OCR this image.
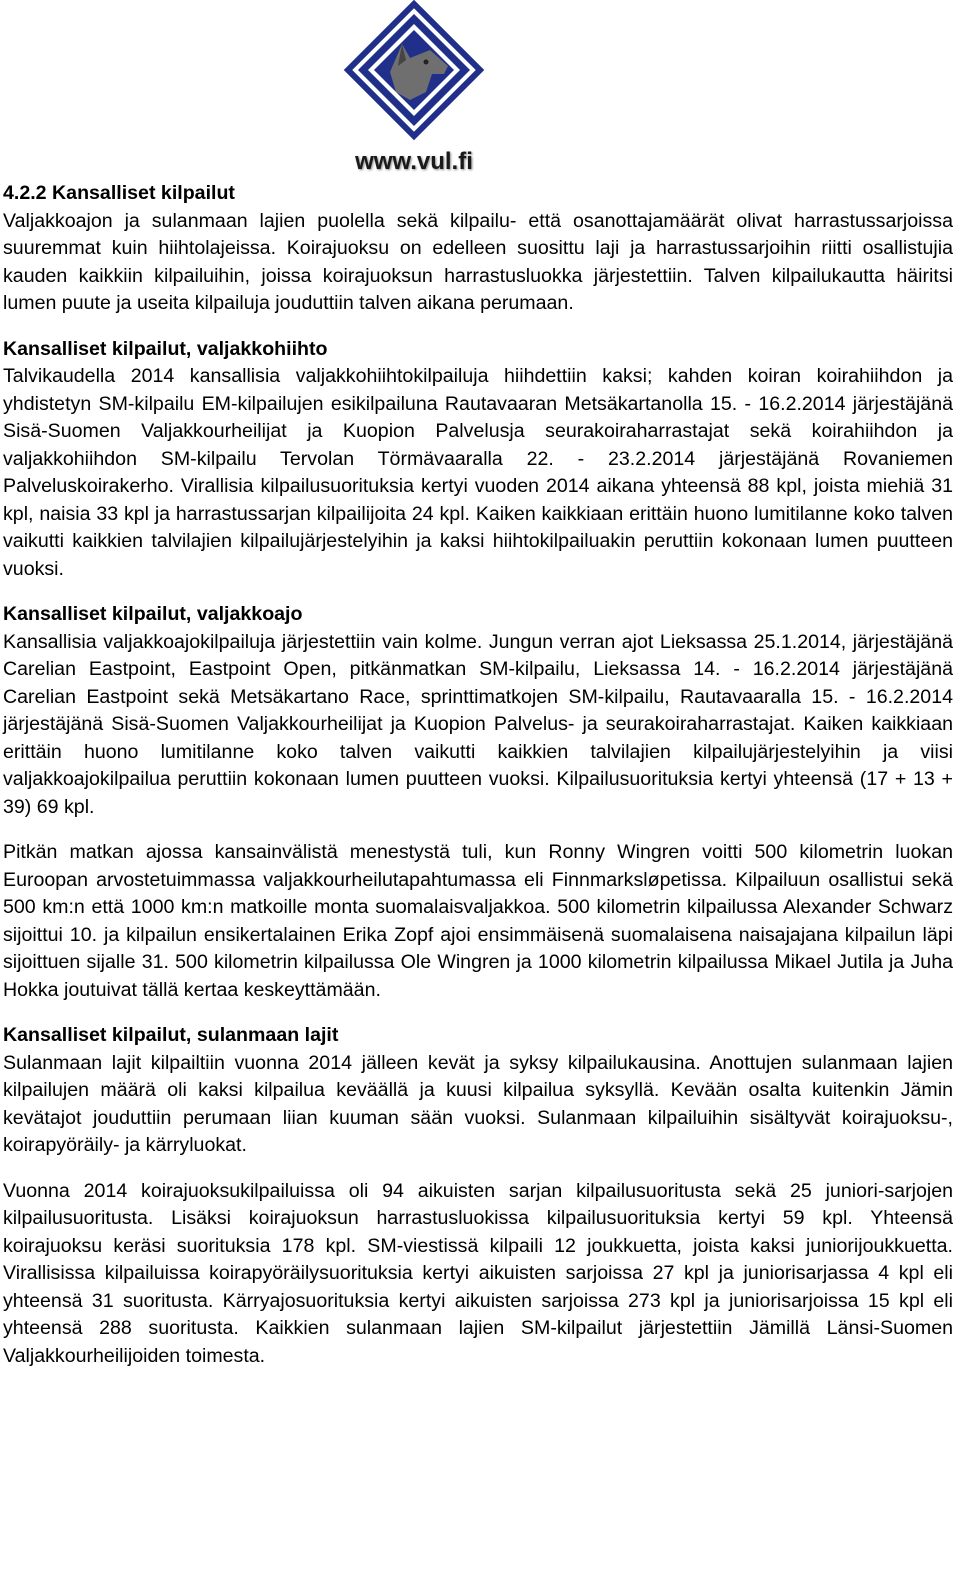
www.vul.fi
4.2.2 Kansalliset kilpailut

Valjakkoajon ja sulanmaan lajien puolella sekä kilpailu- että osanottajamäärät olivat harrastussarjoissa suuremmat kuin hiihtolajeissa. Koirajuoksu on edelleen suosittu laji ja harrastussarjoihin riitti osallistujia kauden kaikkiin kilpailuihin, joissa koirajuoksun harrastusluokka järjestettiin. Talven kilpailukautta häiritsi lumen puute ja useita kilpailuja jouduttiin talven aikana perumaan.

Kansalliset kilpailut, valjakkohiihto

Talvikaudella 2014 kansallisia valjakkohiihtokilpailuja hiihdettiin kaksi; kahden koiran koirahiihdon ja yhdistetyn SM-kilpailu EM-kilpailujen esikilpailuna Rautavaaran Metsäkartanolla 15. - 16.2.2014 järjestäjänä Sisä-Suomen Valjakkourheilijat ja Kuopion Palvelusja seurakoiraharrastajat sekä koirahiihdon ja valjakkohiihdon SM-kilpailu Tervolan Törmävaaralla 22. - 23.2.2014 järjestäjänä Rovaniemen Palveluskoirakerho. Virallisia kilpailusuorituksia kertyi vuoden 2014 aikana yhteensä 88 kpl, joista miehiä 31 kpl, naisia 33 kpl ja harrastussarjan kilpailijoita 24 kpl. Kaiken kaikkiaan erittäin huono lumitilanne koko talven vaikutti kaikkien talvilajien kilpailujärjestelyihin ja kaksi hiihtokilpailuakin peruttiin kokonaan lumen puutteen vuoksi.

Kansalliset kilpailut, valjakkoajo

Kansallisia valjakkoajokilpailuja järjestettiin vain kolme. Jungun verran ajot Lieksassa 25.1.2014, järjestäjänä Carelian Eastpoint, Eastpoint Open, pitkänmatkan SM-kilpailu, Lieksassa 14. - 16.2.2014 järjestäjänä Carelian Eastpoint sekä Metsäkartano Race, sprinttimatkojen SM-kilpailu, Rautavaaralla 15. - 16.2.2014 järjestäjänä Sisä-Suomen Valjakkourheilijat ja Kuopion Palvelus- ja seurakoiraharrastajat. Kaiken kaikkiaan erittäin huono lumitilanne koko talven vaikutti kaikkien talvilajien kilpailujärjestelyihin ja viisi valjakkoajokilpailua peruttiin kokonaan lumen puutteen vuoksi. Kilpailusuorituksia kertyi yhteensä (17 + 13 + 39) 69 kpl.

Pitkän matkan ajossa kansainvälistä menestystä tuli, kun Ronny Wingren voitti 500 kilometrin luokan Euroopan arvostetuimmassa valjakkourheilutapahtumassa eli Finnmarksløpetissa. Kilpailuun osallistui sekä 500 km:n että 1000 km:n matkoille monta suomalaisvaljakkoa. 500 kilometrin kilpailussa Alexander Schwarz sijoittui 10. ja kilpailun ensikertalainen Erika Zopf ajoi ensimmäisenä suomalaisena naisajajana kilpailun läpi sijoittuen sijalle 31. 500 kilometrin kilpailussa Ole Wingren ja 1000 kilometrin kilpailussa Mikael Jutila ja Juha Hokka joutuivat tällä kertaa keskeyttämään.

Kansalliset kilpailut, sulanmaan lajit

Sulanmaan lajit kilpailtiin vuonna 2014 jälleen kevät ja syksy kilpailukausina. Anottujen sulanmaan lajien kilpailujen määrä oli kaksi kilpailua keväällä ja kuusi kilpailua syksyllä. Kevään osalta kuitenkin Jämin kevätajot jouduttiin perumaan liian kuuman sään vuoksi. Sulanmaan kilpailuihin sisältyvät koirajuoksu-, koirapyöräily- ja kärryluokat.

Vuonna 2014 koirajuoksukilpailuissa oli 94 aikuisten sarjan kilpailusuoritusta sekä 25 juniori-sarjojen kilpailusuoritusta. Lisäksi koirajuoksun harrastusluokissa kilpailusuorituksia kertyi 59 kpl. Yhteensä koirajuoksu keräsi suorituksia 178 kpl. SM-viestissä kilpaili 12 joukkuetta, joista kaksi juniorijoukkuetta. Virallisissa kilpailuissa koirapyöräilysuorituksia kertyi aikuisten sarjoissa 27 kpl ja juniorisarjassa 4 kpl eli yhteensä 31 suoritusta. Kärryajosuorituksia kertyi aikuisten sarjoissa 273 kpl ja juniorisarjoissa 15 kpl eli yhteensä 288 suoritusta. Kaikkien sulanmaan lajien SM-kilpailut järjestettiin Jämillä Länsi-Suomen Valjakkourheilijoiden toimesta.
